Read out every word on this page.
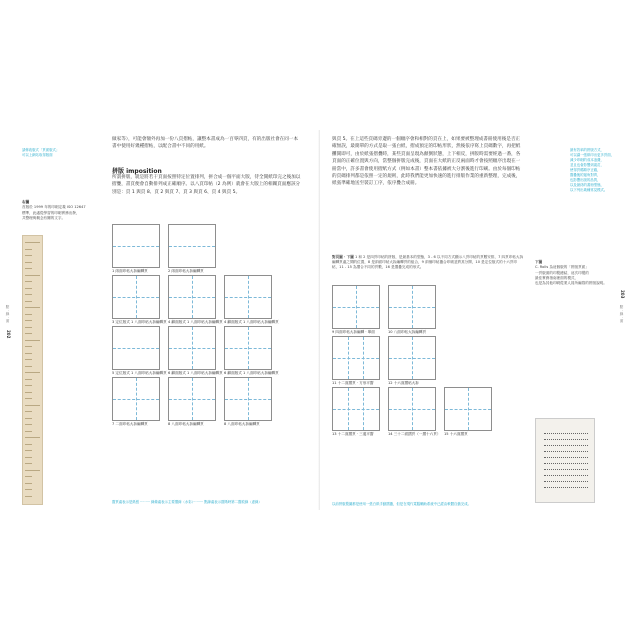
請修改版式「頁面版式」
可以上網站取得版面

右圖
首版於 1999 年的印刷定義 ISO 12647
標準，此處從學習的印刷實務出發，
共整理與概念有關的文字。

點 · 線 · 面
202
做家等），可能會額外再加一份八頁摺帖，讓整本書成為一百零四頁，有的出版社會在同一本書中使用好幾種摺帖，以配合書中不同的用紙。
拼版 imposition
所謂拼版，就是將若干頁面按照特定位置排列，拼合成一個平面大版，待全開紙印完之後加以摺疊，書頁便會自動排列成正確順序。以八頁印帖（2 為例）就會在大版上的相關頁面應該分別是：頁 1 與頁 8、頁 2 與頁 7、頁 3 與頁 6、頁 4 與頁 5。
1 兩面印帖大拆編轉頁	2 兩面印帖大拆編轉頁
3 定位版式 1 八面印帖大拆編轉頁 4 翻面版式 1 八面印帖大拆編轉頁 4 翻面版式 1 八面印帖大拆編轉頁
5 定位版式 1 八面印帖大拆編轉頁 6 翻面版式 1 八面印帖大拆編轉頁 6 翻面版式 1 八面印帖大拆編轉頁
7 二面印帖大拆編轉頁	8 八面印帖大拆編轉頁	8 八面印帖大拆編轉頁
摺頁處表示是紙張 ········· 線條處表示主要摺線（水彩）········· 點線處表示摺紙時第二摺痕線（虛線）
與頁 5。在上這些頁碼旁邊的一個順序會和相對的頁在上，如果要被整理成書冊使用後是否正確無誤，最簡單的方式是取一張白紙，摺成預定的印帖形狀，然後依序寫上頁碼數字，再把紙攤開即可，由於紙張摺疊時，某些頁面呈現為顛倒狀態，上下相反，拼版時需要經過一番，各頁面的正確位置與方向，當整個拼版完成後，頁面在大紙的正反兩面時才會按照順序出現在一冊當中，許多書會使用摺紙方式（例如本書）整本書依據被大分割後進行印刷。由於每個印帖的頁碼排列都是依照一定的規則，此時我們能更加快速的進行排版作業的重新整理，完成後，紙張準確地送至裝訂工序，依序疊合成冊。
最有效率的拼版方式，
可以讓一張紙印出更多頁面，
減少印刷的成本浪費，
並且也會影響到裝訂，
使得頁碼順序正確，
摺疊後的邊角對齊，
也影響出版的品質，
以及最終的書冊型態，
以下列出幾種常見模式。
點 · 線 · 面
203
對頁圖 · 下圖 1 和 2 是四頁印帖的拼版，是最基本的型態，3 - 6 以不同方式顯示八頁印帖的頁數安排，7 四頁印帖大拆編轉頁處之間的位置，8 是兩面印帖大拆編轉頁的組合，9 兩個印帖疊合印刷並將其分開，10 是定位版式的十六頁印帖，11 - 15 為摺合不同的頁數，16 是摺疊完成的形式。

下圖
C. Rolls 為這個版的「拼版頁面」
一頁版面的印製總結，這次印製的
最佳實務指南裡面的模式，
也是為其他印刷從業人員所編寫的拼版說明。

9 四面印帖大拆編轉 · 單面	10 八面印帖大拆編轉頁
11 十二面摺頁 · 方形平摺	12 十六面摺帖大拆
13 十二面摺頁 · 三邊平摺	14 三十二面摺頁（一摺十六頁） 15 十六面摺頁
以前拼版製圖都是使用一張白紙手動摺疊，但是在現代電腦輔助系統中已經由軟體自動完成。
